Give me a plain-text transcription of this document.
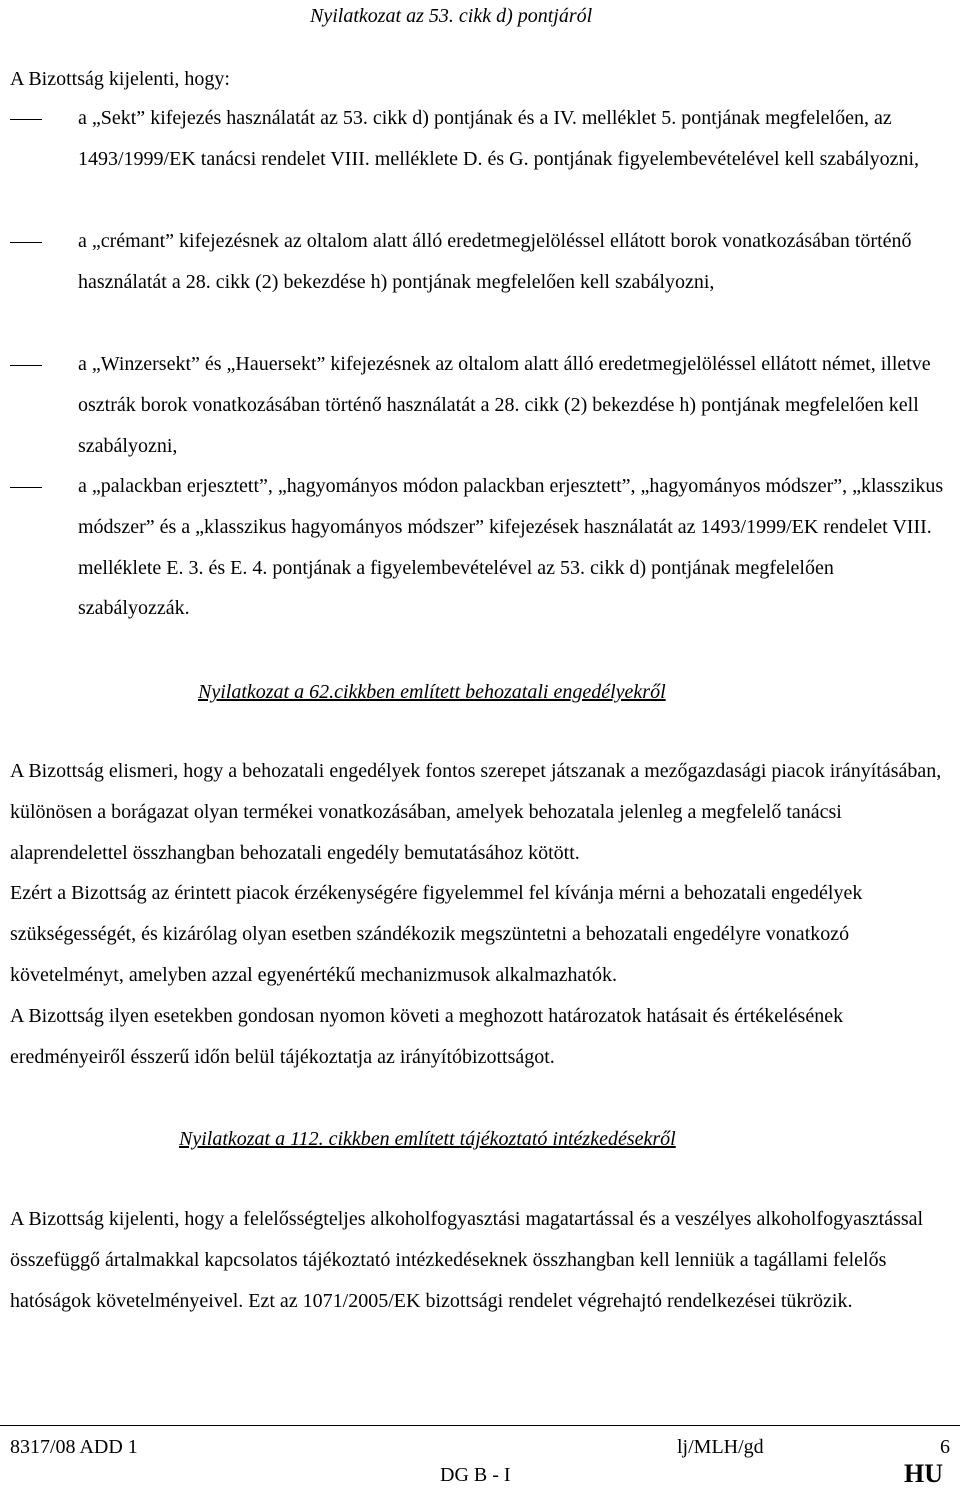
Nyilatkozat az 53. cikk d) pontjáról
A Bizottság kijelenti, hogy:
a „Sekt” kifejezés használatát az 53. cikk d) pontjának és a IV. melléklet 5. pontjának megfelelően, az 1493/1999/EK tanácsi rendelet VIII. melléklete D. és G. pontjának figyelembevételével kell szabályozni,
a „crémant” kifejezésnek az oltalom alatt álló eredetmegjelöléssel ellátott borok vonatkozásában történő használatát a 28. cikk (2) bekezdése h) pontjának megfelelően kell szabályozni,
a „Winzersekt” és „Hauersekt” kifejezésnek az oltalom alatt álló eredetmegjelöléssel ellátott német, illetve osztrák borok vonatkozásában történő használatát a 28. cikk (2) bekezdése h) pontjának megfelelően kell szabályozni,
a „palackban erjesztett”, „hagyományos módon palackban erjesztett”, „hagyományos módszer”, „klasszikus módszer” és a „klasszikus hagyományos módszer” kifejezések használatát az 1493/1999/EK rendelet VIII. melléklete E. 3. és E. 4. pontjának a figyelembevételével az 53. cikk d) pontjának megfelelően szabályozzák.
Nyilatkozat a 62.cikkben említett behozatali engedélyekről
A Bizottság elismeri, hogy a behozatali engedélyek fontos szerepet játszanak a mezőgazdasági piacok irányításában, különösen a borágazat olyan termékei vonatkozásában, amelyek behozatala jelenleg a megfelelő tanácsi alaprendelettel összhangban behozatali engedély bemutatásához kötött.
Ezért a Bizottság az érintett piacok érzékenységére figyelemmel fel kívánja mérni a behozatali engedélyek szükségességét, és kizárólag olyan esetben szándékozik megszüntetni a behozatali engedélyre vonatkozó követelményt, amelyben azzal egyenértékű mechanizmusok alkalmazhatók.
A Bizottság ilyen esetekben gondosan nyomon követi a meghozott határozatok hatásait és értékelésének eredményeiről ésszerű időn belül tájékoztatja az irányítóbizottságot.
Nyilatkozat a 112. cikkben említett tájékoztató intézkedésekről
A Bizottság kijelenti, hogy a felelősségteljes alkoholfogyasztási magatartással és a veszélyes alkoholfogyasztással összefüggő ártalmakkal kapcsolatos tájékoztató intézkedéseknek összhangban kell lenniük a tagállami felelős hatóságok követelményeivel. Ezt az 1071/2005/EK bizottsági rendelet végrehajtó rendelkezései tükrözik.
8317/08 ADD 1	lj/MLH/gd	6
DG B - I	HU
